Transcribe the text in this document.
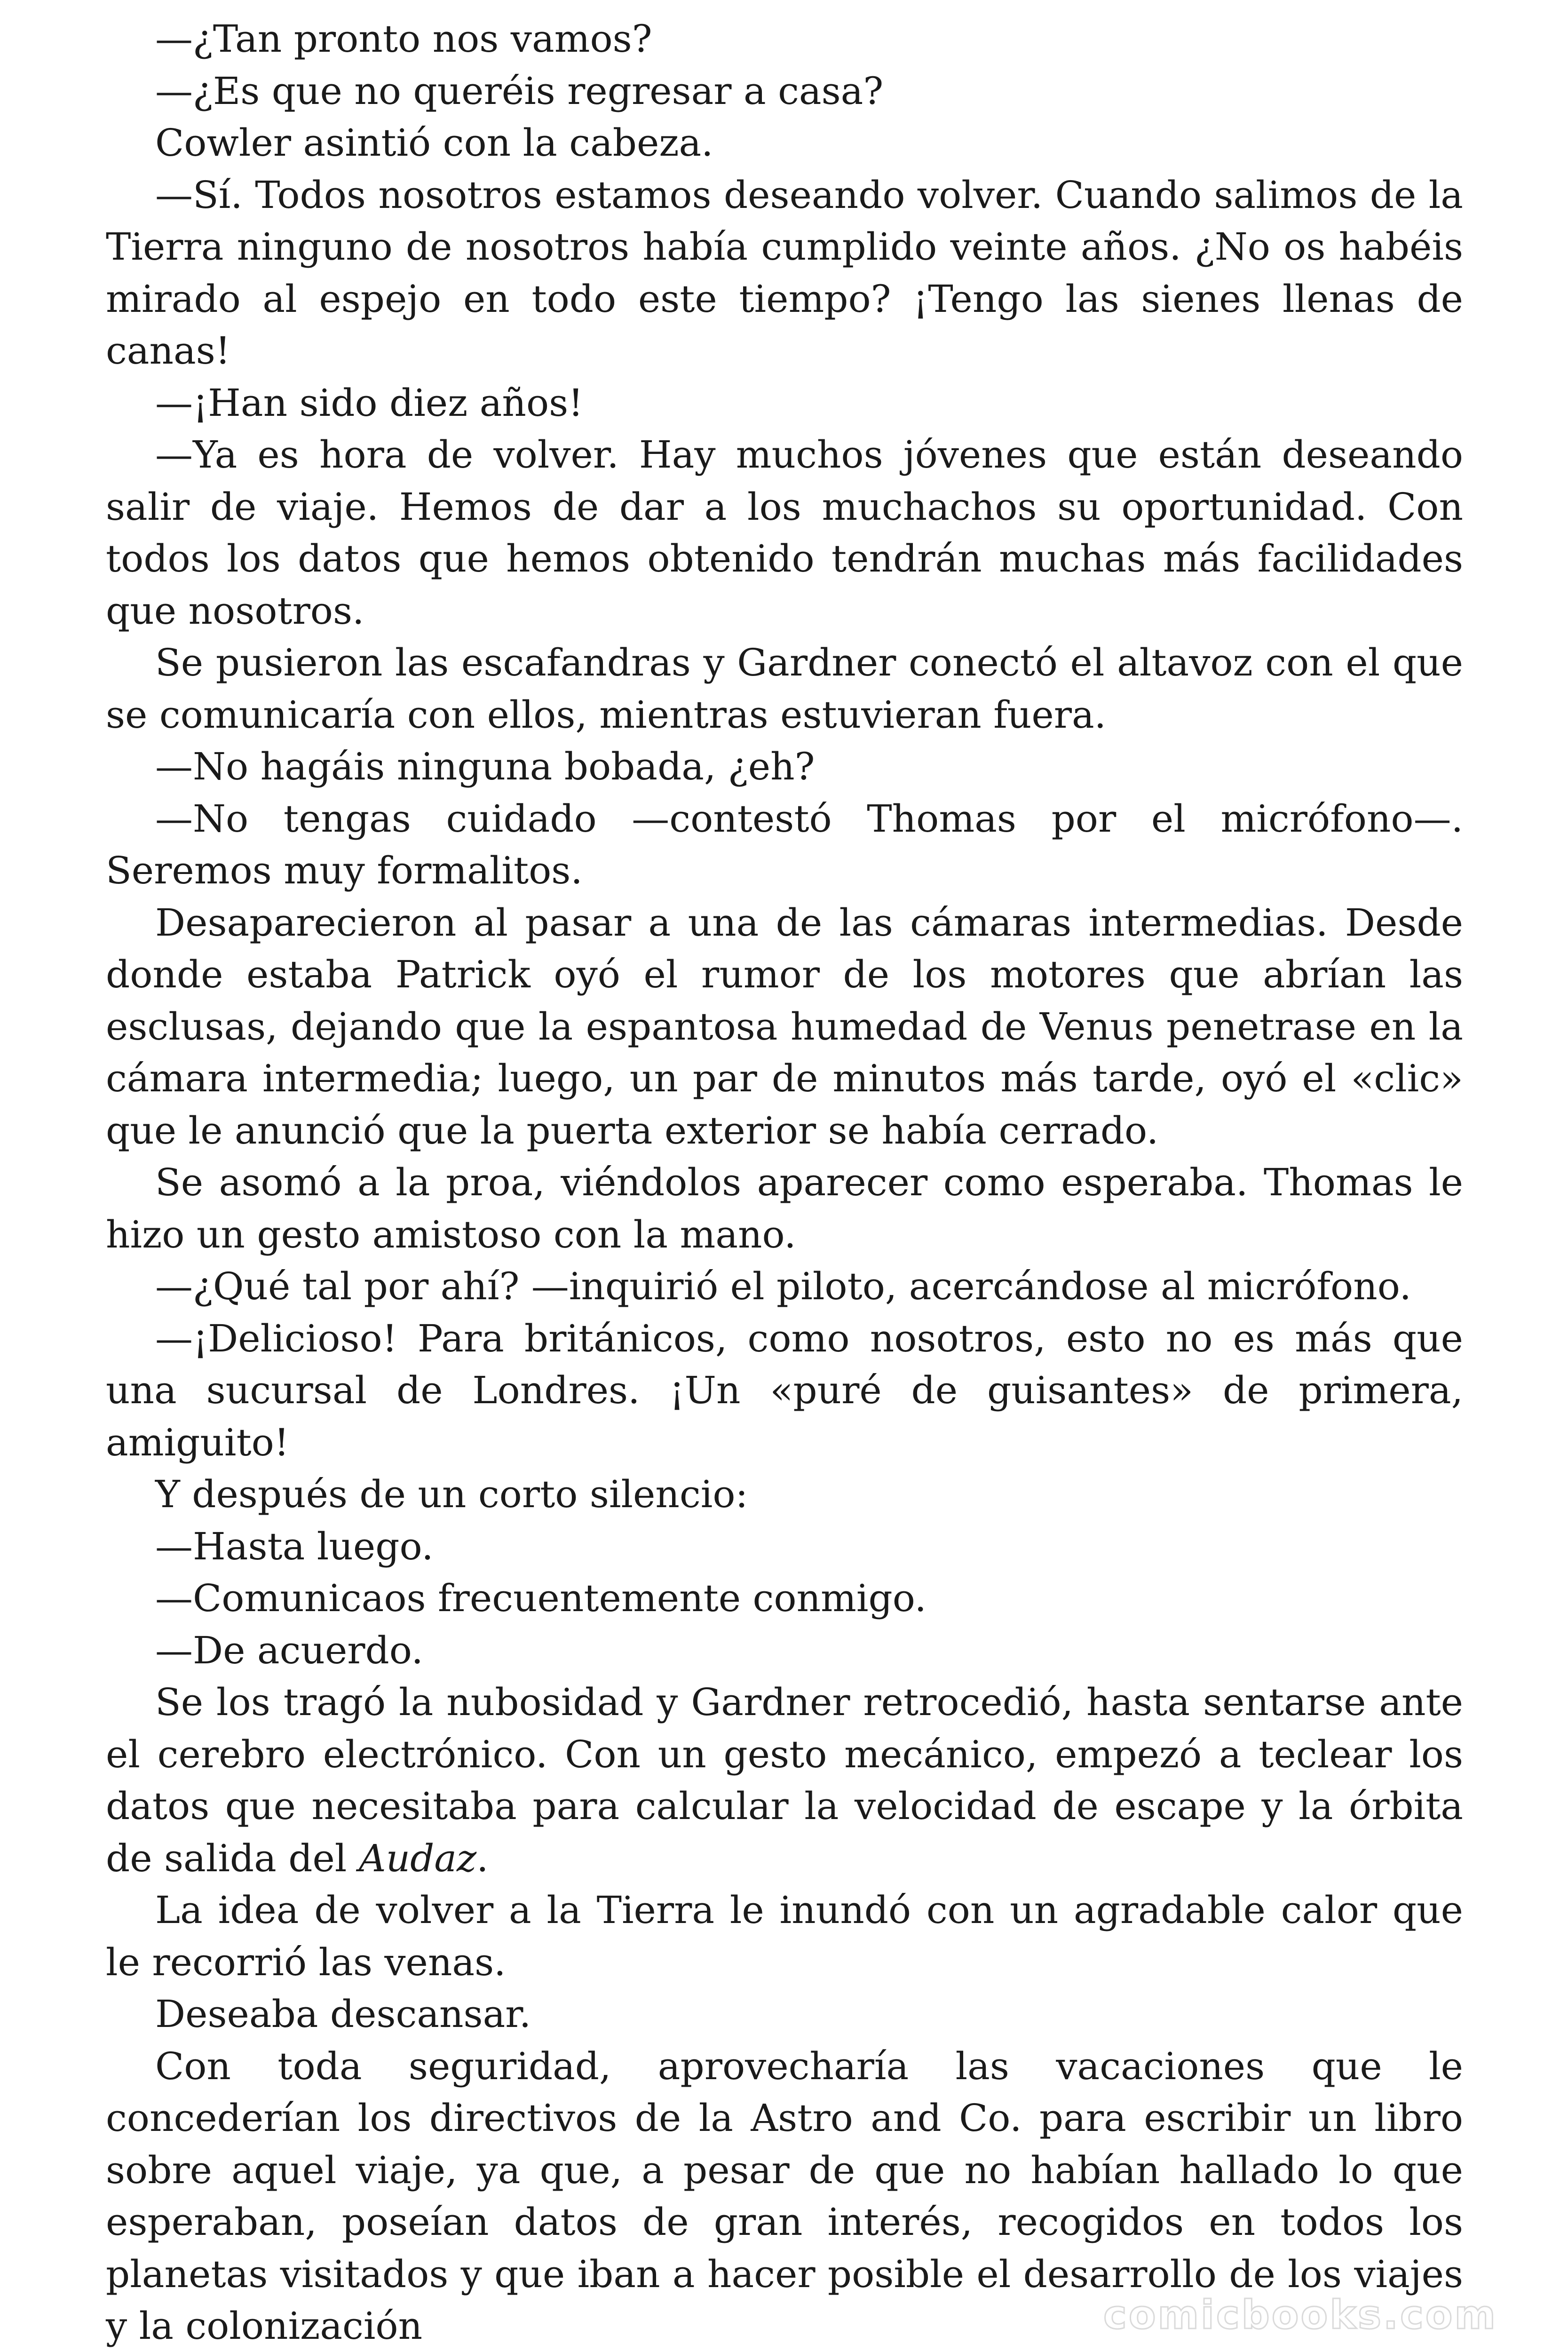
—¿Tan pronto nos vamos?

—¿Es que no queréis regresar a casa?

Cowler asintió con la cabeza.

—Sí. Todos nosotros estamos deseando volver. Cuando salimos de la Tierra ninguno de nosotros había cumplido veinte años. ¿No os habéis mirado al espejo en todo este tiempo? ¡Tengo las sienes llenas de canas!

—¡Han sido diez años!

—Ya es hora de volver. Hay muchos jóvenes que están deseando salir de viaje. Hemos de dar a los muchachos su oportunidad. Con todos los datos que hemos obtenido tendrán muchas más facilidades que nosotros.

Se pusieron las escafandras y Gardner conectó el altavoz con el que se comunicaría con ellos, mientras estuvieran fuera.

—No hagáis ninguna bobada, ¿eh?

—No tengas cuidado —contestó Thomas por el micrófono—. Seremos muy formalitos.

Desaparecieron al pasar a una de las cámaras intermedias. Desde donde estaba Patrick oyó el rumor de los motores que abrían las esclusas, dejando que la espantosa humedad de Venus penetrase en la cámara intermedia; luego, un par de minutos más tarde, oyó el «clic» que le anunció que la puerta exterior se había cerrado.

Se asomó a la proa, viéndolos aparecer como esperaba. Thomas le hizo un gesto amistoso con la mano.

—¿Qué tal por ahí? —inquirió el piloto, acercándose al micrófono.

—¡Delicioso! Para británicos, como nosotros, esto no es más que una sucursal de Londres. ¡Un «puré de guisantes» de primera, amiguito!

Y después de un corto silencio:

—Hasta luego.

—Comunicaos frecuentemente conmigo.

—De acuerdo.

Se los tragó la nubosidad y Gardner retrocedió, hasta sentarse ante el cerebro electrónico. Con un gesto mecánico, empezó a teclear los datos que necesitaba para calcular la velocidad de escape y la órbita de salida del Audaz.

La idea de volver a la Tierra le inundó con un agradable calor que le recorrió las venas.

Deseaba descansar.

Con toda seguridad, aprovecharía las vacaciones que le concederían los directivos de la Astro and Co. para escribir un libro sobre aquel viaje, ya que, a pesar de que no habían hallado lo que esperaban, poseían datos de gran interés, recogidos en todos los planetas visitados y que iban a hacer posible el desarrollo de los viajes y la colonización	comicbooks.com
